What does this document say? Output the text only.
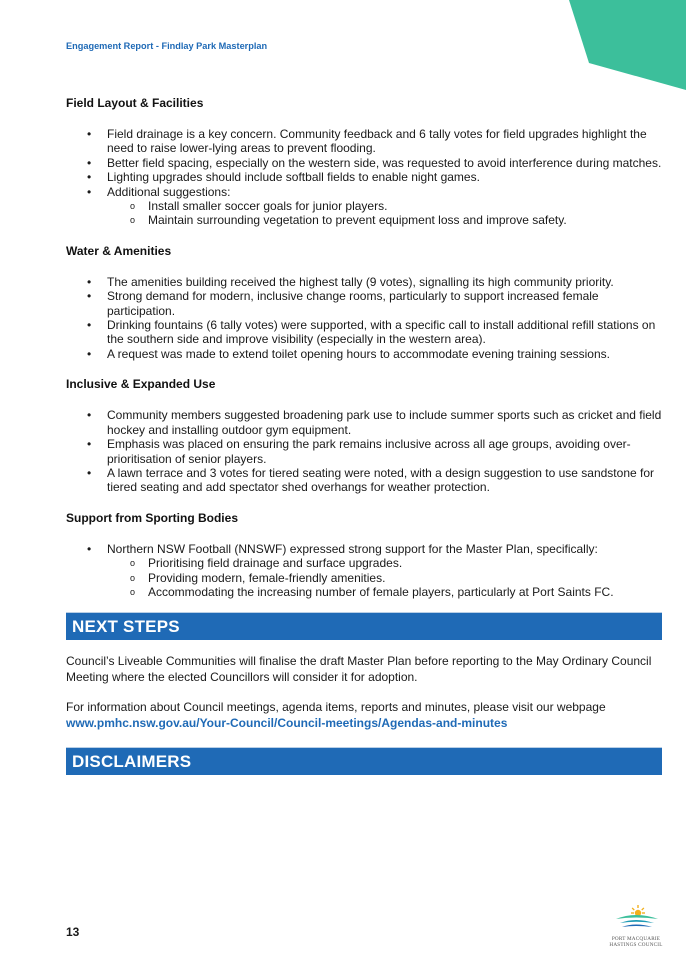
Engagement Report - Findlay Park Masterplan
Field Layout & Facilities
• Field drainage is a key concern. Community feedback and 6 tally votes for field upgrades highlight the need to raise lower-lying areas to prevent flooding.
• Better field spacing, especially on the western side, was requested to avoid interference during matches.
• Lighting upgrades should include softball fields to enable night games.
• Additional suggestions:
o Install smaller soccer goals for junior players.
o Maintain surrounding vegetation to prevent equipment loss and improve safety.
Water & Amenities
• The amenities building received the highest tally (9 votes), signalling its high community priority.
• Strong demand for modern, inclusive change rooms, particularly to support increased female participation.
• Drinking fountains (6 tally votes) were supported, with a specific call to install additional refill stations on the southern side and improve visibility (especially in the western area).
• A request was made to extend toilet opening hours to accommodate evening training sessions.
Inclusive & Expanded Use
• Community members suggested broadening park use to include summer sports such as cricket and field hockey and installing outdoor gym equipment.
• Emphasis was placed on ensuring the park remains inclusive across all age groups, avoiding over-prioritisation of senior players.
• A lawn terrace and 3 votes for tiered seating were noted, with a design suggestion to use sandstone for tiered seating and add spectator shed overhangs for weather protection.
Support from Sporting Bodies
• Northern NSW Football (NNSWF) expressed strong support for the Master Plan, specifically:
o Prioritising field drainage and surface upgrades.
o Providing modern, female-friendly amenities.
o Accommodating the increasing number of female players, particularly at Port Saints FC.
NEXT STEPS

Council’s Liveable Communities will finalise the draft Master Plan before reporting to the May Ordinary Council Meeting where the elected Councillors will consider it for adoption.

For information about Council meetings, agenda items, reports and minutes, please visit our webpage www.pmhc.nsw.gov.au/Your-Council/Council-meetings/Agendas-and-minutes

DISCLAIMERS
13	PORT MACQUARIE
HASTINGS COUNCIL
